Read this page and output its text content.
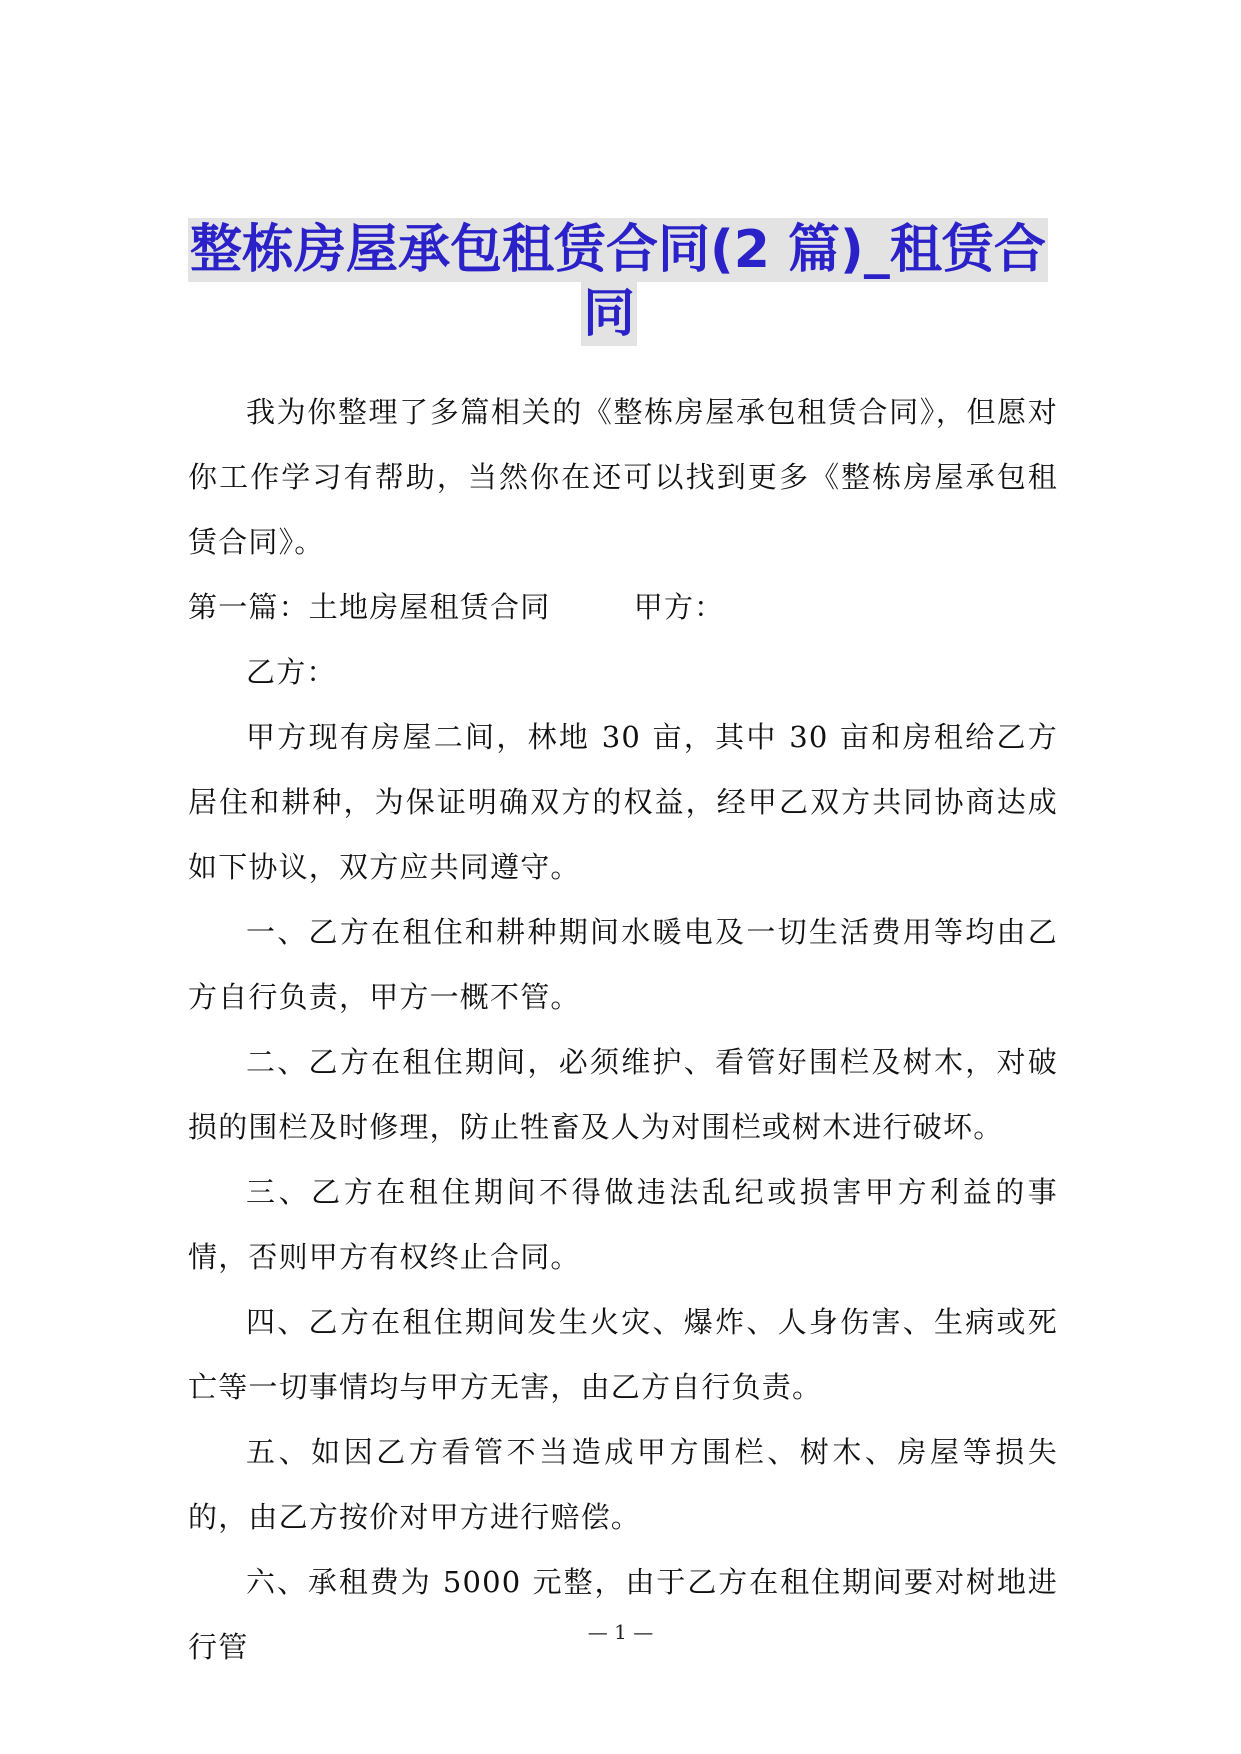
整栋房屋承包租赁合同(2 篇)_租赁合
同

我为你整理了多篇相关的《整栋房屋承包租赁合同》，但愿对你工作学习有帮助，当然你在还可以找到更多《整栋房屋承包租赁合同》。

第一篇：土地房屋租赁合同	甲方：

乙方：

甲方现有房屋二间，林地 30 亩，其中 30 亩和房租给乙方居住和耕种，为保证明确双方的权益，经甲乙双方共同协商达成如下协议，双方应共同遵守。

一、乙方在租住和耕种期间水暖电及一切生活费用等均由乙方自行负责，甲方一概不管。

二、乙方在租住期间，必须维护、看管好围栏及树木，对破损的围栏及时修理，防止牲畜及人为对围栏或树木进行破坏。

三、乙方在租住期间不得做违法乱纪或损害甲方利益的事情，否则甲方有权终止合同。

四、乙方在租住期间发生火灾、爆炸、人身伤害、生病或死亡等一切事情均与甲方无害，由乙方自行负责。

五、如因乙方看管不当造成甲方围栏、树木、房屋等损失的，由乙方按价对甲方进行赔偿。

六、承租费为 5000 元整，由于乙方在租住期间要对树地进行管	— 1 —
